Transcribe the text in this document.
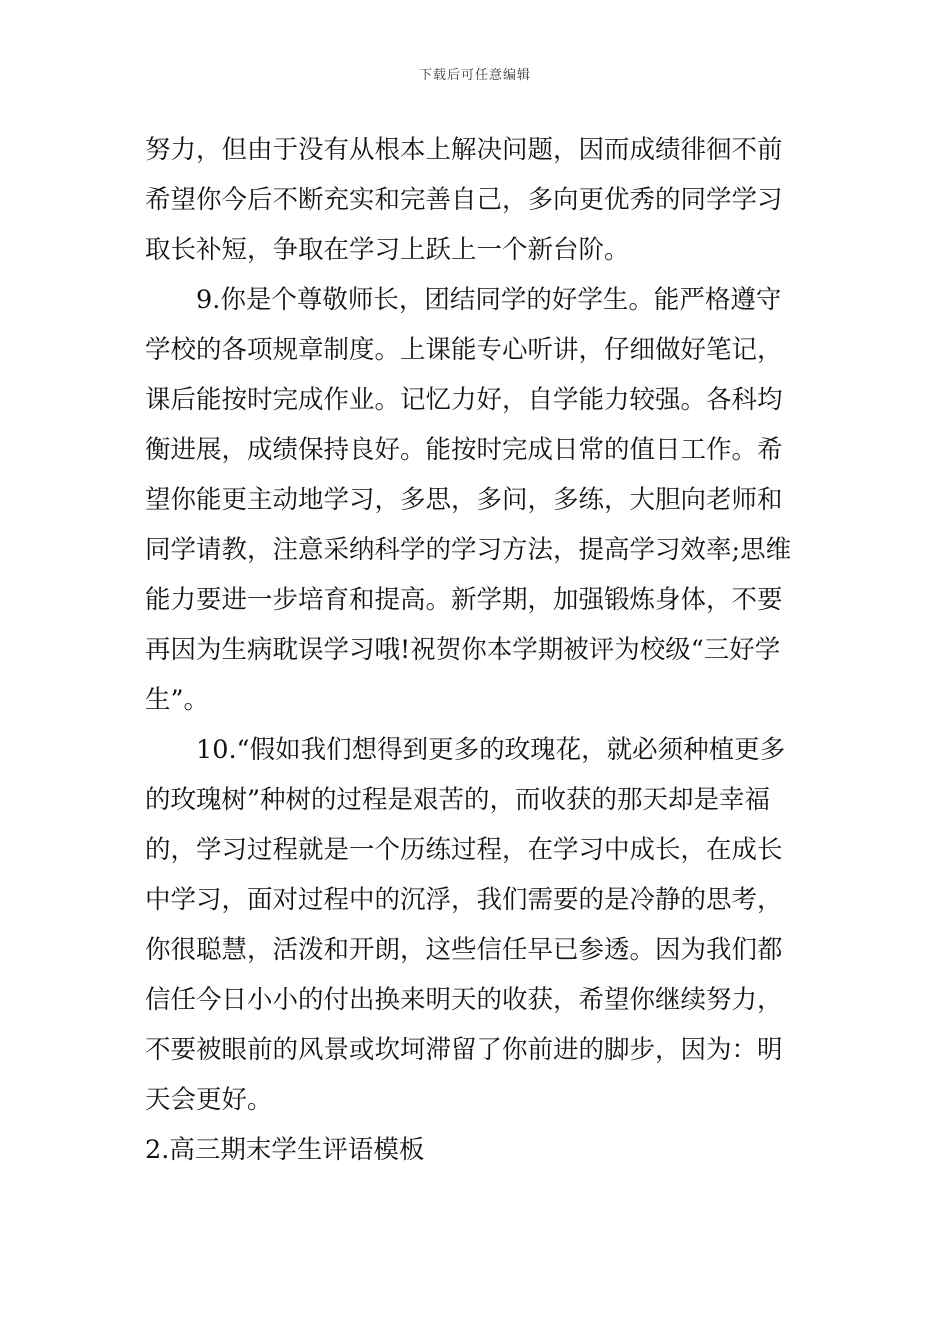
下载后可任意编辑
努力，但由于没有从根本上解决问题，因而成绩徘徊不前
希望你今后不断充实和完善自己，多向更优秀的同学学习
取长补短，争取在学习上跃上一个新台阶。
9.你是个尊敬师长，团结同学的好学生。能严格遵守
学校的各项规章制度。上课能专心听讲，仔细做好笔记，
课后能按时完成作业。记忆力好，自学能力较强。各科均
衡进展，成绩保持良好。能按时完成日常的值日工作。希
望你能更主动地学习，多思，多问，多练，大胆向老师和
同学请教，注意采纳科学的学习方法，提高学习效率;思维
能力要进一步培育和提高。新学期，加强锻炼身体，不要
再因为生病耽误学习哦!祝贺你本学期被评为校级“三好学
生”。
10.“假如我们想得到更多的玫瑰花，就必须种植更多
的玫瑰树”种树的过程是艰苦的，而收获的那天却是幸福
的，学习过程就是一个历练过程，在学习中成长，在成长
中学习，面对过程中的沉浮，我们需要的是冷静的思考，
你很聪慧，活泼和开朗，这些信任早已参透。因为我们都
信任今日小小的付出换来明天的收获，希望你继续努力，
不要被眼前的风景或坎坷滞留了你前进的脚步，因为：明
天会更好。
2.高三期末学生评语模板
